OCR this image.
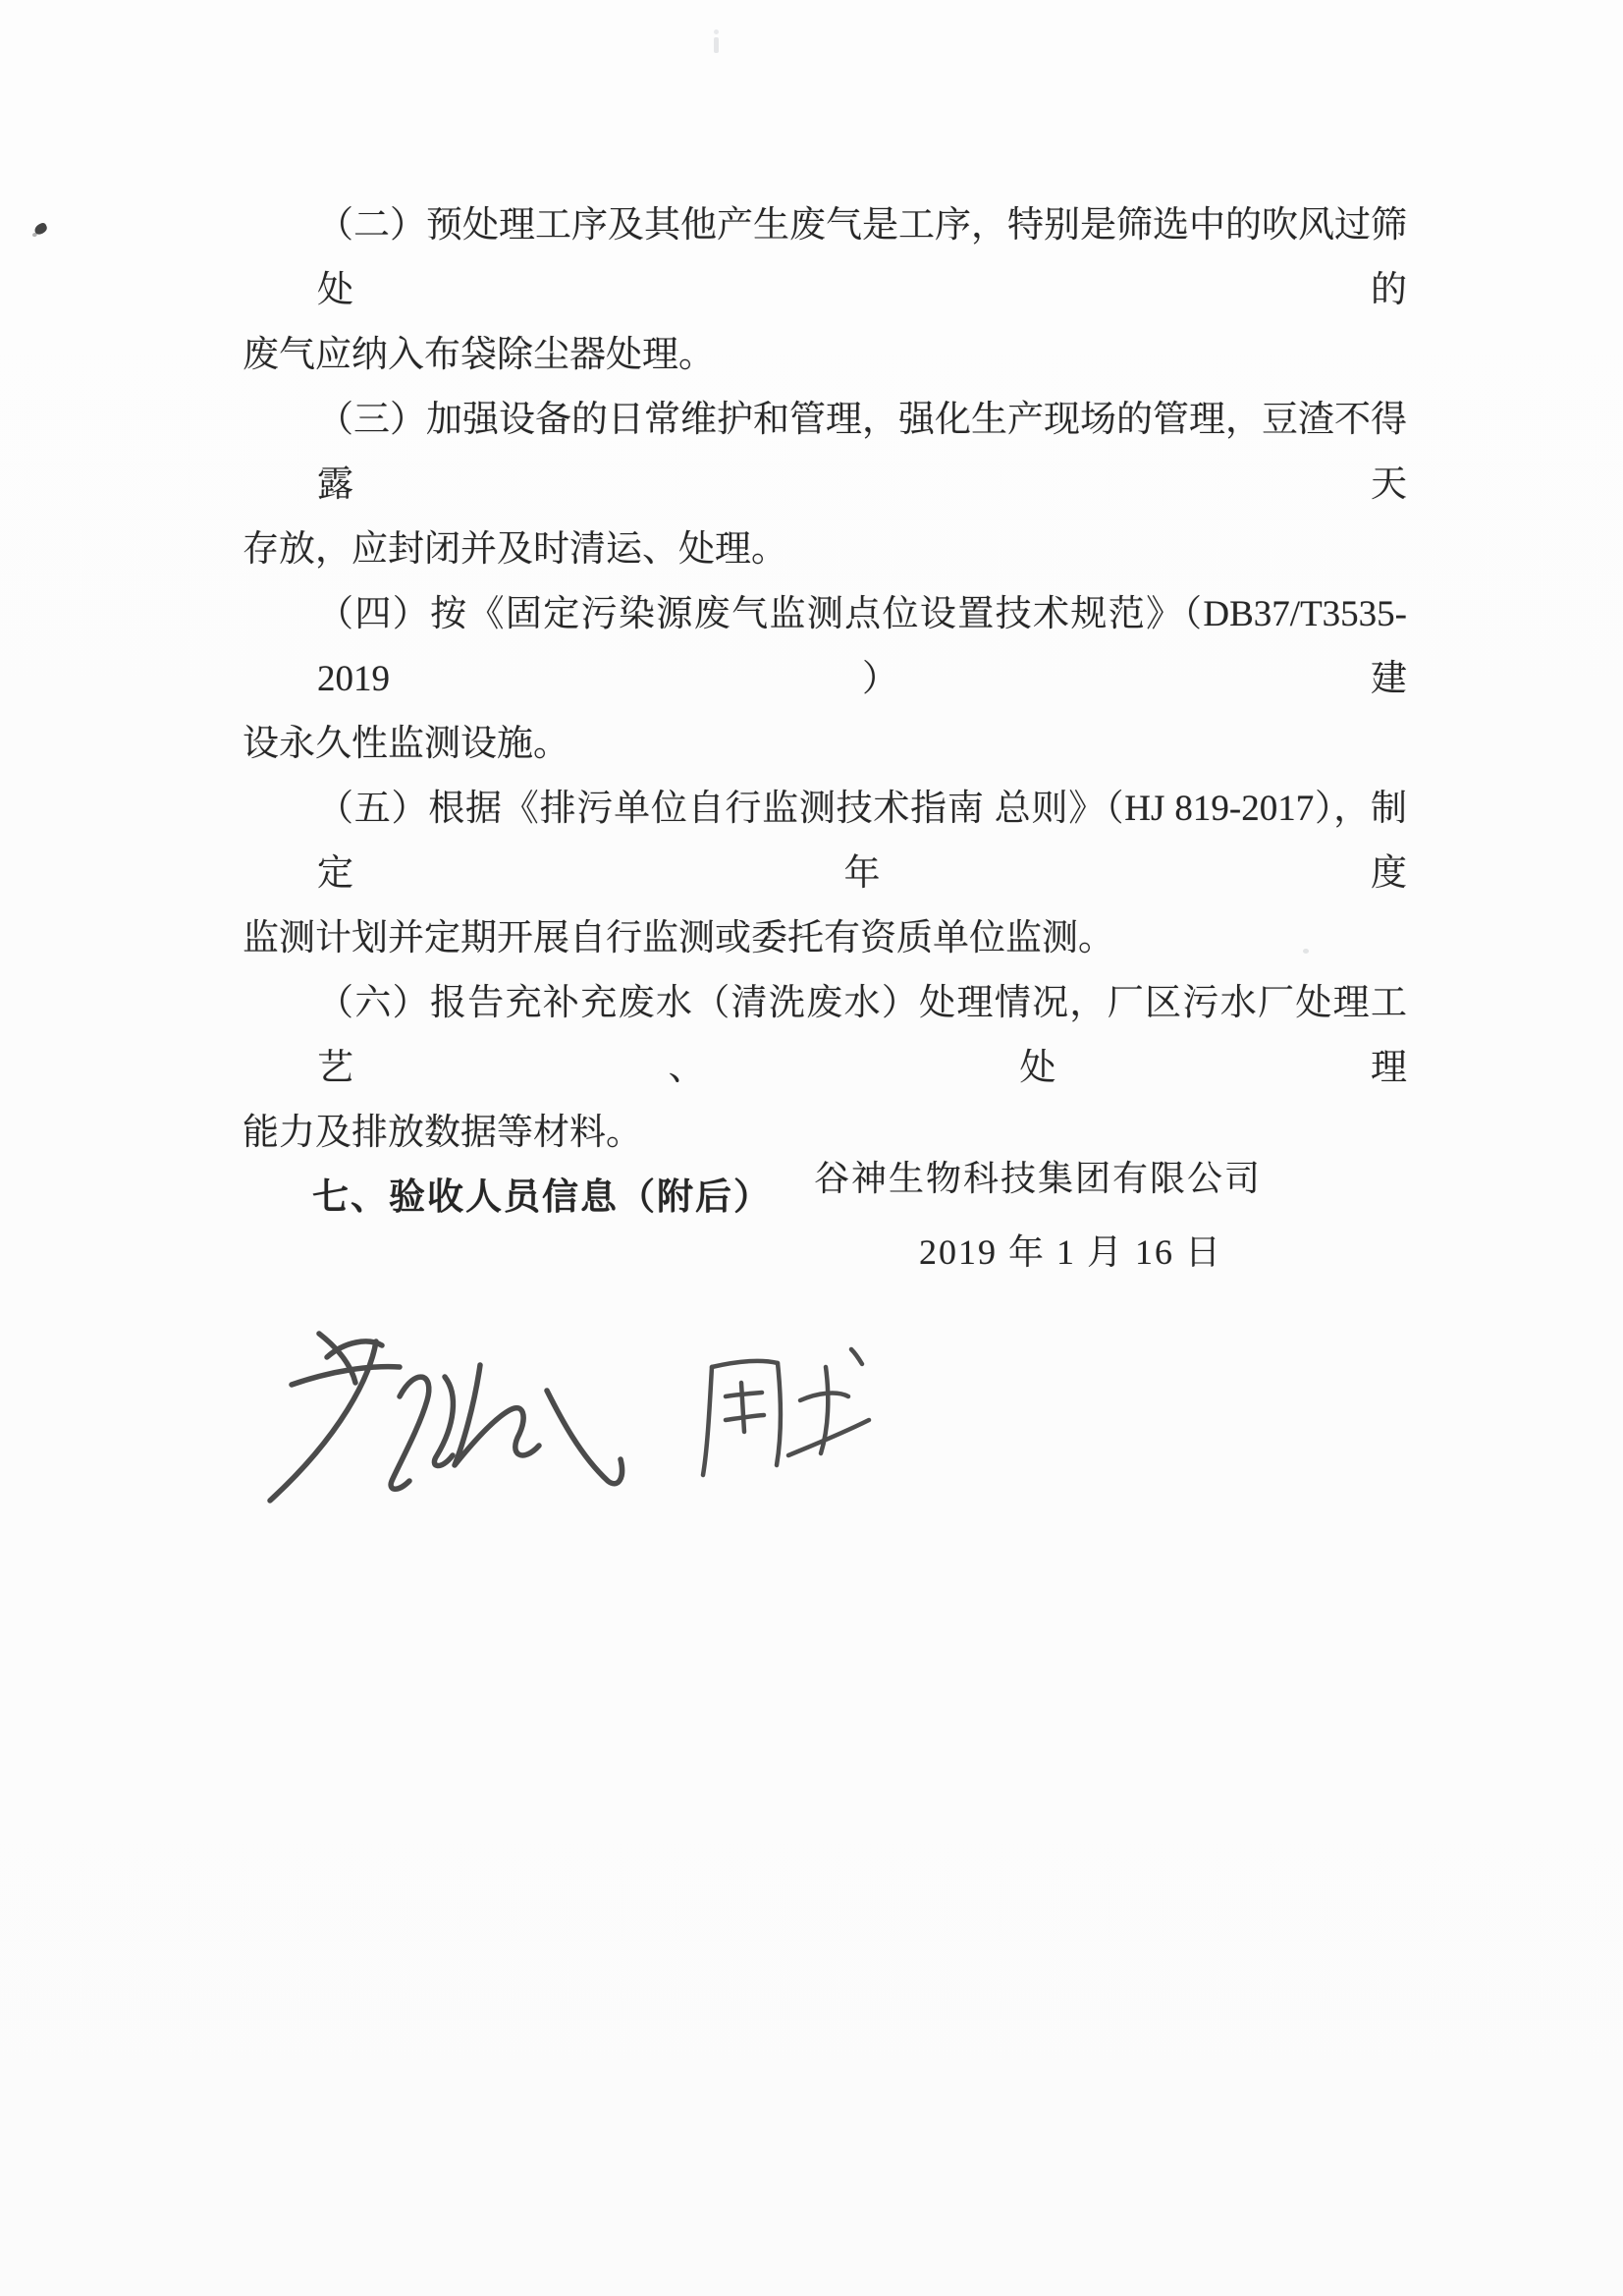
（二）预处理工序及其他产生废气是工序，特别是筛选中的吹风过筛处的
废气应纳入布袋除尘器处理。
（三）加强设备的日常维护和管理，强化生产现场的管理，豆渣不得露天
存放，应封闭并及时清运、处理。
（四）按《固定污染源废气监测点位设置技术规范》（DB37/T3535-2019）建
设永久性监测设施。
（五）根据《排污单位自行监测技术指南 总则》（HJ 819-2017），制定年度
监测计划并定期开展自行监测或委托有资质单位监测。
（六）报告充补充废水（清洗废水）处理情况，厂区污水厂处理工艺、处理
能力及排放数据等材料。
七、验收人员信息（附后）	谷神生物科技集团有限公司
2019 年 1 月 16 日
